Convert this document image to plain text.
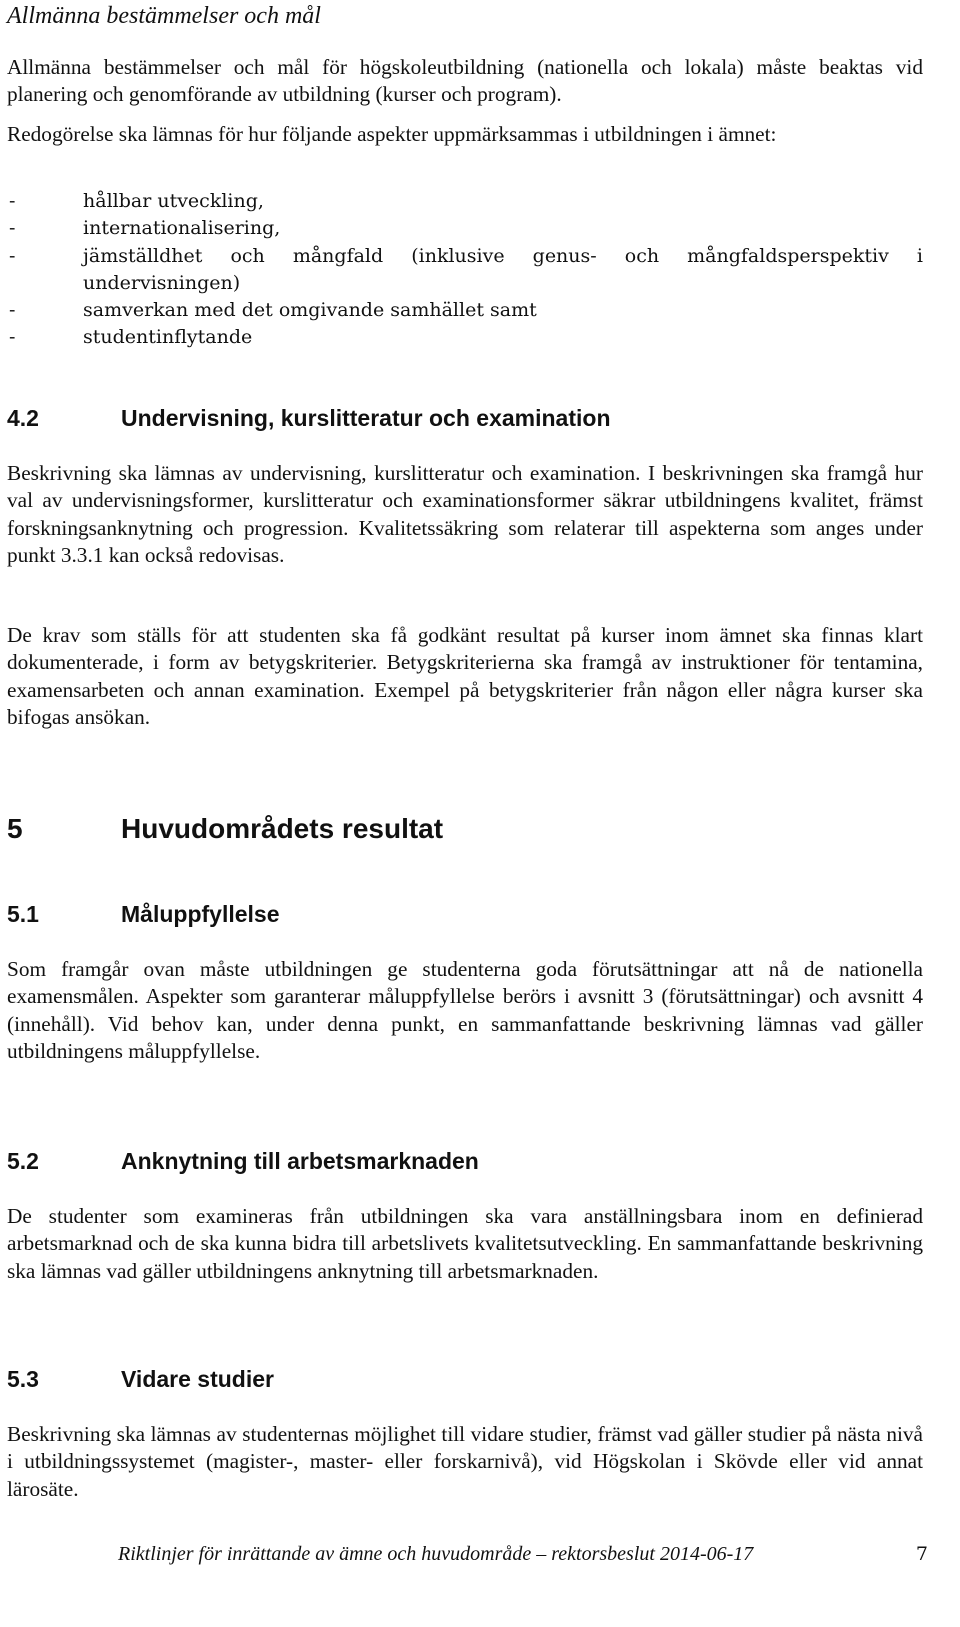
Allmänna bestämmelser och mål
Allmänna bestämmelser och mål för högskoleutbildning (nationella och lokala) måste beaktas vid planering och genomförande av utbildning (kurser och program).
Redogörelse ska lämnas för hur följande aspekter uppmärksammas i utbildningen i ämnet:
-	hållbar utveckling,
-	internationalisering,
-	jämställdhet och mångfald (inklusive genus- och mångfaldsperspektiv i undervisningen)
-	samverkan med det omgivande samhället samt
-	studentinflytande
4.2	Undervisning, kurslitteratur och examination
Beskrivning ska lämnas av undervisning, kurslitteratur och examination. I beskrivningen ska framgå hur val av undervisningsformer, kurslitteratur och examinationsformer säkrar utbildningens kvalitet, främst forskningsanknytning och progression. Kvalitetssäkring som relaterar till aspekterna som anges under punkt 3.3.1 kan också redovisas.
De krav som ställs för att studenten ska få godkänt resultat på kurser inom ämnet ska finnas klart dokumenterade, i form av betygskriterier. Betygskriterierna ska framgå av instruktioner för tentamina, examensarbeten och annan examination. Exempel på betygskriterier från någon eller några kurser ska bifogas ansökan.
5	Huvudområdets resultat
5.1	Måluppfyllelse
Som framgår ovan måste utbildningen ge studenterna goda förutsättningar att nå de nationella examensmålen. Aspekter som garanterar måluppfyllelse berörs i avsnitt 3 (förutsättningar) och avsnitt 4 (innehåll). Vid behov kan, under denna punkt, en sammanfattande beskrivning lämnas vad gäller utbildningens måluppfyllelse.
5.2	Anknytning till arbetsmarknaden
De studenter som examineras från utbildningen ska vara anställningsbara inom en definierad arbetsmarknad och de ska kunna bidra till arbetslivets kvalitetsutveckling. En sammanfattande beskrivning ska lämnas vad gäller utbildningens anknytning till arbetsmarknaden.
5.3	Vidare studier
Beskrivning ska lämnas av studenternas möjlighet till vidare studier, främst vad gäller studier på nästa nivå i utbildningssystemet (magister-, master- eller forskarnivå), vid Högskolan i Skövde eller vid annat lärosäte.
Riktlinjer för inrättande av ämne och huvudområde – rektorsbeslut 2014-06-17	7
